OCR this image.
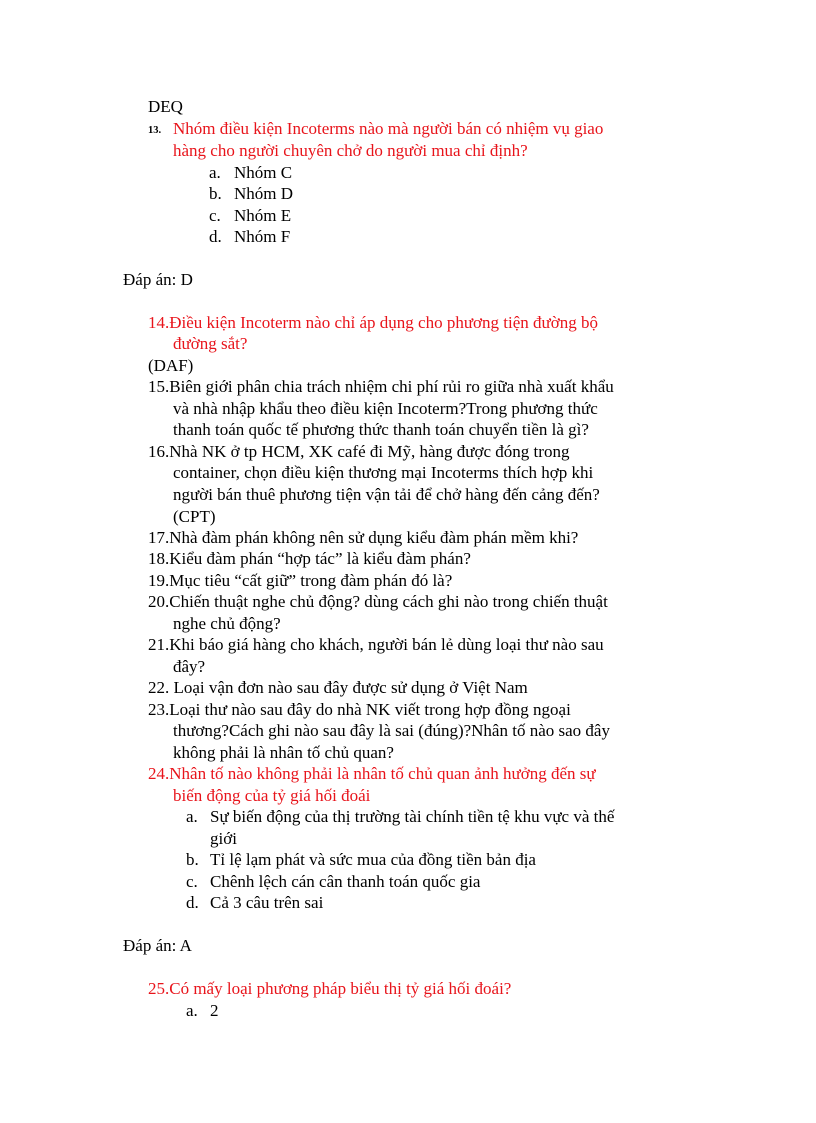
DEQ
13. Nhóm điều kiện Incoterms nào mà người bán có nhiệm vụ giao
hàng cho người chuyên chở do người mua chỉ định?
a. Nhóm C
b. Nhóm D
c. Nhóm E
d. Nhóm F
Đáp án: D
14.Điều kiện Incoterm nào chỉ áp dụng cho phương tiện đường bộ
đường sắt?
(DAF)
15.Biên giới phân chia trách nhiệm chi phí rủi ro giữa nhà xuất khẩu
và nhà nhập khẩu theo điều kiện Incoterm?Trong phương thức
thanh toán quốc tế phương thức thanh toán chuyển tiền là gì?
16.Nhà NK ở tp HCM, XK café đi Mỹ, hàng được đóng trong
container, chọn điều kiện thương mại Incoterms thích hợp khi
người bán thuê phương tiện vận tải để chở hàng đến cảng đến?
(CPT)
17.Nhà đàm phán không nên sử dụng kiểu đàm phán mềm khi?
18.Kiểu đàm phán “hợp tác” là kiểu đàm phán?
19.Mục tiêu “cất giữ” trong đàm phán đó là?
20.Chiến thuật nghe chủ động? dùng cách ghi nào trong chiến thuật
nghe chủ động?
21.Khi báo giá hàng cho khách, người bán lẻ dùng loại thư nào sau
đây?
22. Loại vận đơn nào sau đây được sử dụng ở Việt Nam
23.Loại thư nào sau đây do nhà NK viết trong hợp đồng ngoại
thương?Cách ghi nào sau đây là sai (đúng)?Nhân tố nào sao đây
không phải là nhân tố chủ quan?
24.Nhân tố nào không phải là nhân tố chủ quan ảnh hưởng đến sự
biến động của tỷ giá hối đoái
a. Sự biến động của thị trường tài chính tiền tệ khu vực và thế
giới
b. Tỉ lệ lạm phát và sức mua của đồng tiền bản địa
c. Chênh lệch cán cân thanh toán quốc gia
d. Cả 3 câu trên sai
Đáp án: A
25.Có mấy loại phương pháp biểu thị tỷ giá hối đoái?
a. 2
